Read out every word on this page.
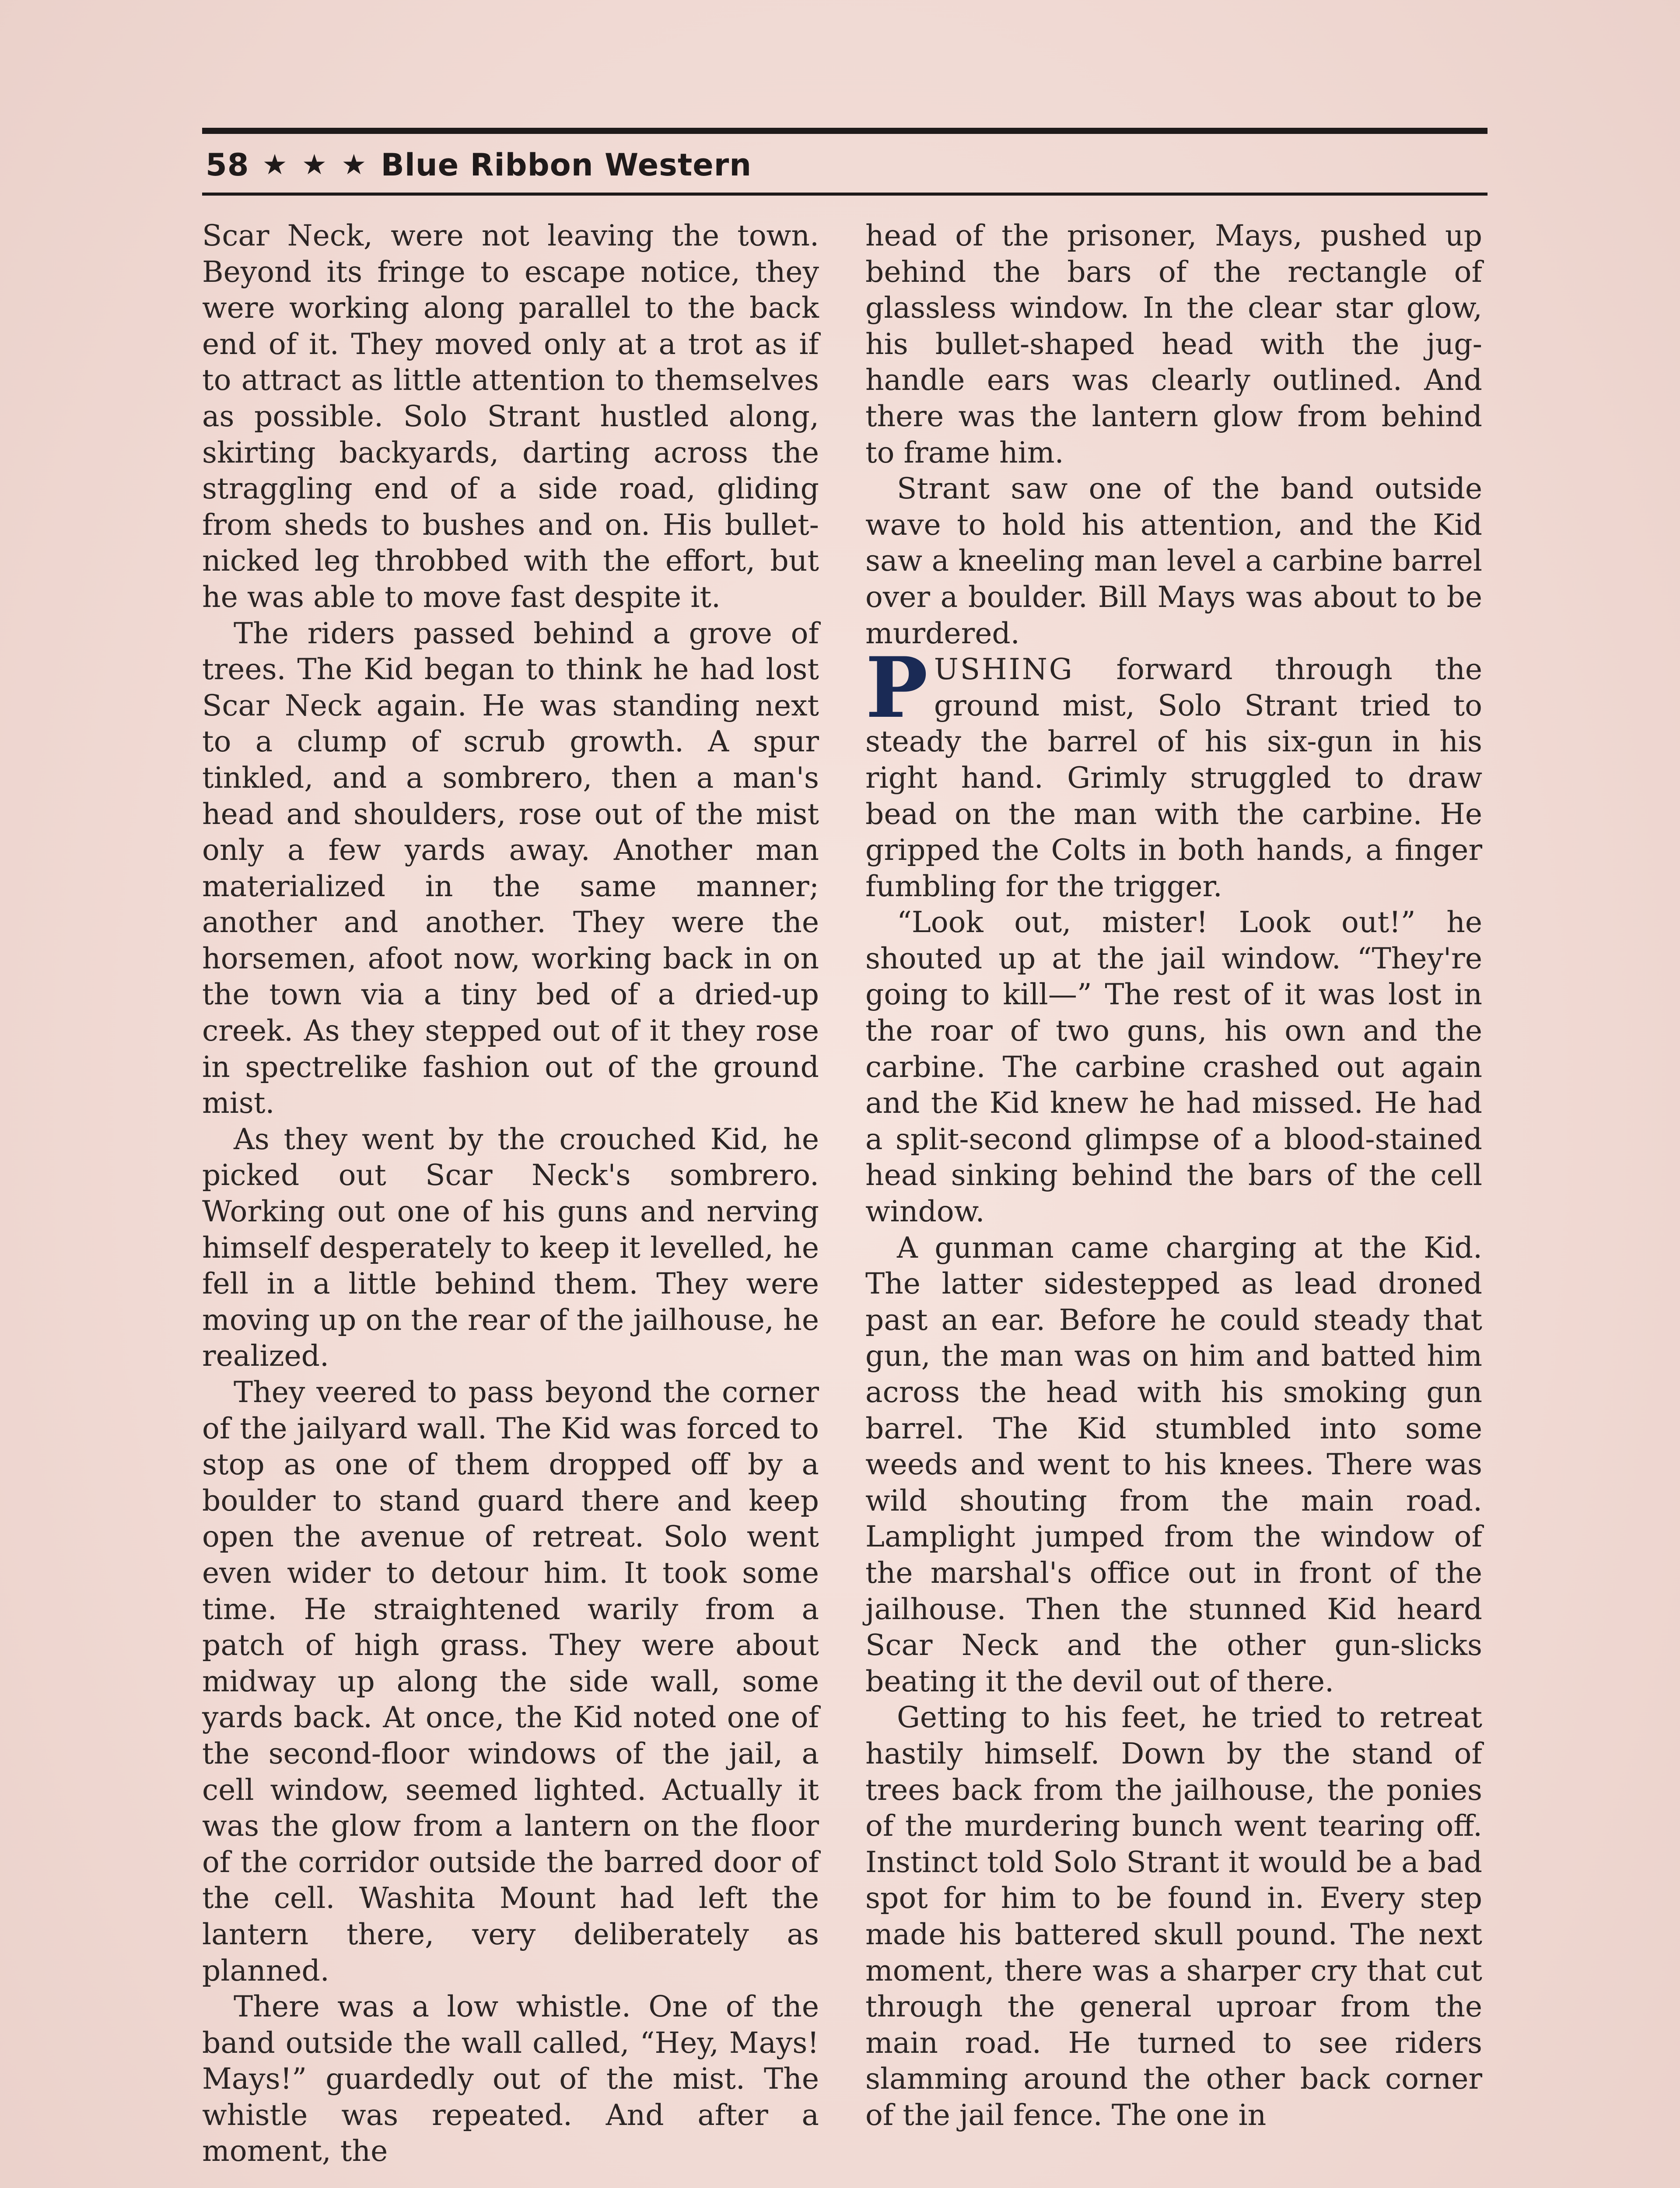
58 ★ ★ ★ Blue Ribbon Western

Scar Neck, were not leaving the town. Beyond its fringe to escape notice, they were working along parallel to the back end of it. They moved only at a trot as if to attract as little attention to themselves as possible. Solo Strant hustled along, skirting backyards, darting across the straggling end of a side road, gliding from sheds to bushes and on. His bullet-nicked leg throbbed with the effort, but he was able to move fast despite it.

The riders passed behind a grove of trees. The Kid began to think he had lost Scar Neck again. He was standing next to a clump of scrub growth. A spur tinkled, and a sombrero, then a man's head and shoulders, rose out of the mist only a few yards away. Another man materialized in the same manner; another and another. They were the horsemen, afoot now, working back in on the town via a tiny bed of a dried-up creek. As they stepped out of it they rose in spectrelike fashion out of the ground mist.

As they went by the crouched Kid, he picked out Scar Neck's sombrero. Working out one of his guns and nerving himself desperately to keep it levelled, he fell in a little behind them. They were moving up on the rear of the jailhouse, he realized.

They veered to pass beyond the corner of the jailyard wall. The Kid was forced to stop as one of them dropped off by a boulder to stand guard there and keep open the avenue of retreat. Solo went even wider to detour him. It took some time. He straightened warily from a patch of high grass. They were about midway up along the side wall, some yards back. At once, the Kid noted one of the second-floor windows of the jail, a cell window, seemed lighted. Actually it was the glow from a lantern on the floor of the corridor outside the barred door of the cell. Washita Mount had left the lantern there, very deliberately as planned.

There was a low whistle. One of the band outside the wall called, “Hey, Mays! Mays!” guardedly out of the mist. The whistle was repeated. And after a moment, the

head of the prisoner, Mays, pushed up behind the bars of the rectangle of glassless window. In the clear star glow, his bullet-shaped head with the jug-handle ears was clearly outlined. And there was the lantern glow from behind to frame him.

Strant saw one of the band outside wave to hold his attention, and the Kid saw a kneeling man level a carbine barrel over a boulder. Bill Mays was about to be murdered.

PUSHING forward through the ground mist, Solo Strant tried to steady the barrel of his six-gun in his right hand. Grimly struggled to draw bead on the man with the carbine. He gripped the Colts in both hands, a finger fumbling for the trigger.

“Look out, mister! Look out!” he shouted up at the jail window. “They're going to kill—” The rest of it was lost in the roar of two guns, his own and the carbine. The carbine crashed out again and the Kid knew he had missed. He had a split-second glimpse of a blood-stained head sinking behind the bars of the cell window.

A gunman came charging at the Kid. The latter sidestepped as lead droned past an ear. Before he could steady that gun, the man was on him and batted him across the head with his smoking gun barrel. The Kid stumbled into some weeds and went to his knees. There was wild shouting from the main road. Lamplight jumped from the window of the marshal's office out in front of the jailhouse. Then the stunned Kid heard Scar Neck and the other gun-slicks beating it the devil out of there.

Getting to his feet, he tried to retreat hastily himself. Down by the stand of trees back from the jailhouse, the ponies of the murdering bunch went tearing off. Instinct told Solo Strant it would be a bad spot for him to be found in. Every step made his battered skull pound. The next moment, there was a sharper cry that cut through the general uproar from the main road. He turned to see riders slamming around the other back corner of the jail fence. The one in
